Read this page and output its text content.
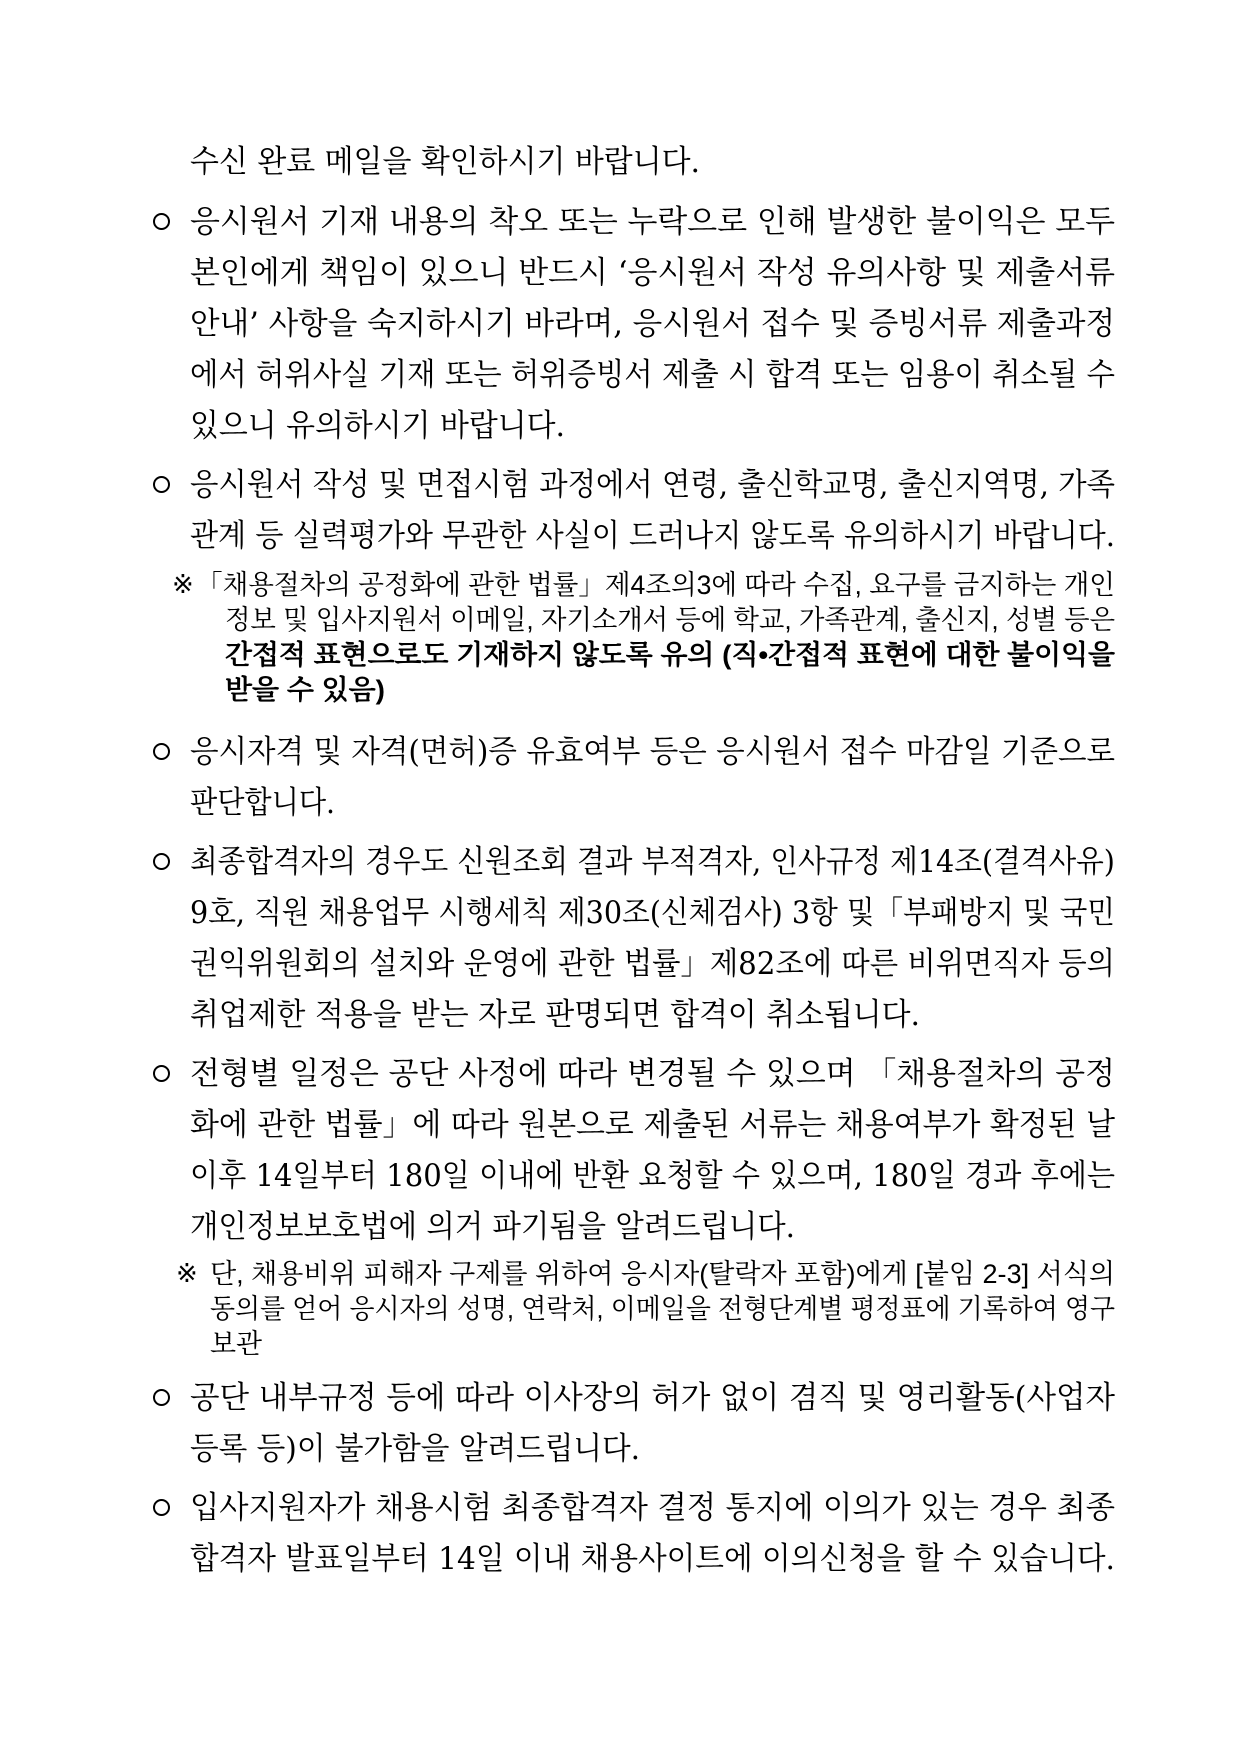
수신 완료 메일을 확인하시기 바랍니다.
응시원서 기재 내용의 착오 또는 누락으로 인해 발생한 불이익은 모두
본인에게 책임이 있으니 반드시 ‘응시원서 작성 유의사항 및 제출서류
안내’ 사항을 숙지하시기 바라며, 응시원서 접수 및 증빙서류 제출과정
에서 허위사실 기재 또는 허위증빙서 제출 시 합격 또는 임용이 취소될 수
있으니 유의하시기 바랍니다.
응시원서 작성 및 면접시험 과정에서 연령, 출신학교명, 출신지역명, 가족
관계 등 실력평가와 무관한 사실이 드러나지 않도록 유의하시기 바랍니다.
응시자격 및 자격(면허)증 유효여부 등은 응시원서 접수 마감일 기준으로
판단합니다.
최종합격자의 경우도 신원조회 결과 부적격자, 인사규정 제14조(결격사유)
9호, 직원 채용업무 시행세칙 제30조(신체검사) 3항 및「부패방지 및 국민
권익위원회의 설치와 운영에 관한 법률」제82조에 따른 비위면직자 등의
취업제한 적용을 받는 자로 판명되면 합격이 취소됩니다.
전형별 일정은 공단 사정에 따라 변경될 수 있으며 「채용절차의 공정
화에 관한 법률」에 따라 원본으로 제출된 서류는 채용여부가 확정된 날
이후 14일부터 180일 이내에 반환 요청할 수 있으며, 180일 경과 후에는
개인정보보호법에 의거 파기됨을 알려드립니다.
공단 내부규정 등에 따라 이사장의 허가 없이 겸직 및 영리활동(사업자
등록 등)이 불가함을 알려드립니다.
입사지원자가 채용시험 최종합격자 결정 통지에 이의가 있는 경우 최종
합격자 발표일부터 14일 이내 채용사이트에 이의신청을 할 수 있습니다.
※
※
「채용절차의 공정화에 관한 법률」제4조의3에 따라 수집, 요구를 금지하는 개인
정보 및 입사지원서 이메일, 자기소개서 등에 학교, 가족관계, 출신지, 성별 등은
간접적 표현으로도 기재하지 않도록 유의 (직•간접적 표현에 대한 불이익을
받을 수 있음)
단, 채용비위 피해자 구제를 위하여 응시자(탈락자 포함)에게 [붙임 2-3] 서식의
동의를 얻어 응시자의 성명, 연락처, 이메일을 전형단계별 평정표에 기록하여 영구
보관
